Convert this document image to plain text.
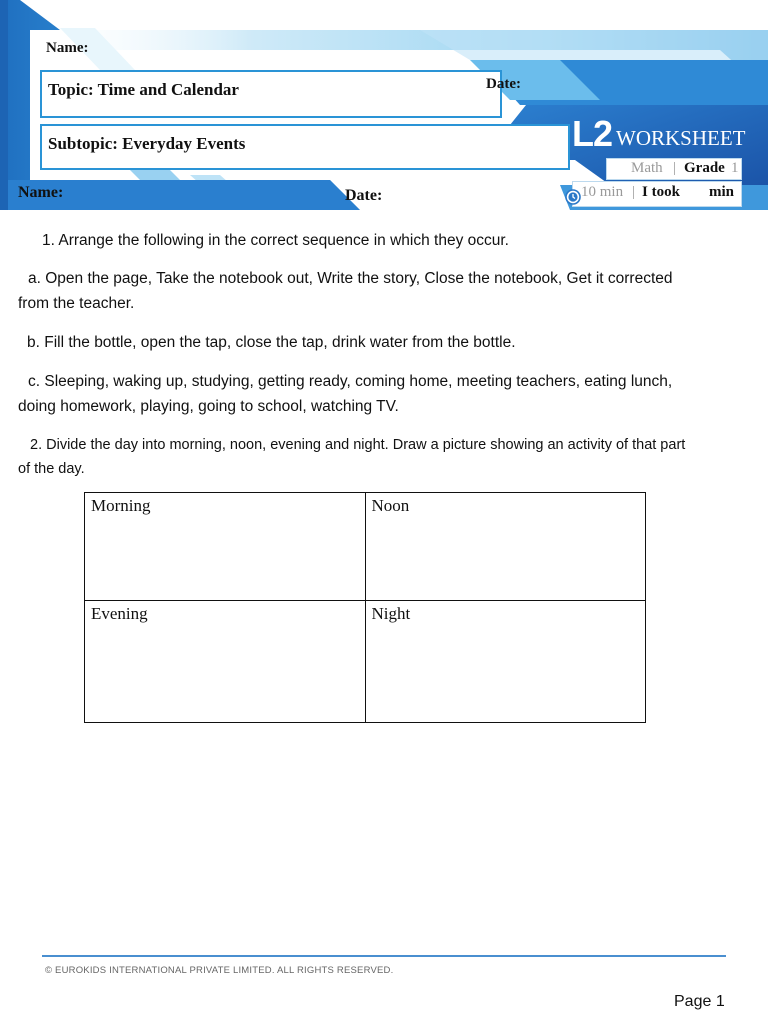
Name:
Topic: Time and Calendar	Date:
Subtopic: Everyday Events	L2 WORKSHEET
Math | Grade 1
10 min | I took min
Name:	Date:
1. Arrange the following in the correct sequence in which they occur.
a. Open the page, Take the notebook out, Write the story, Close the notebook, Get it corrected from the teacher.
b. Fill the bottle, open the tap, close the tap, drink water from the bottle.
c. Sleeping, waking up, studying, getting ready, coming home, meeting teachers, eating lunch, doing homework, playing, going to school, watching TV.
2. Divide the day into morning, noon, evening and night. Draw a picture showing an activity of that part of the day.
Morning	Noon
Evening	Night
© EUROKIDS INTERNATIONAL PRIVATE LIMITED. ALL RIGHTS RESERVED.
Page 1
